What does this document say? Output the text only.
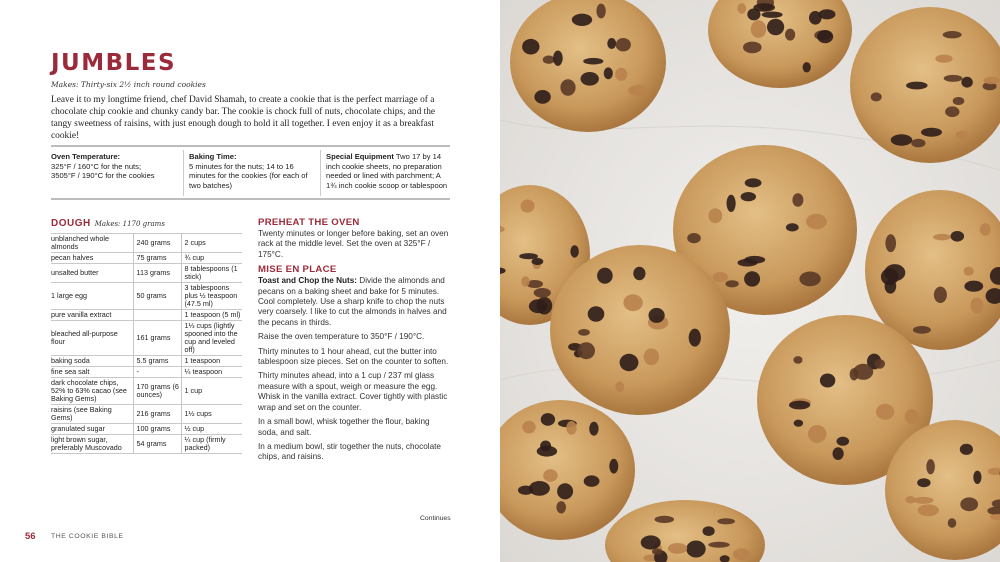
JUMBLES
Makes: Thirty-six 2½ inch round cookies
Leave it to my longtime friend, chef David Shamah, to create a cookie that is the perfect marriage of a chocolate chip cookie and chunky candy bar. The cookie is chock full of nuts, chocolate chips, and the tangy sweetness of raisins, with just enough dough to hold it all together. I even enjoy it as a breakfast cookie!
Oven Temperature:
325°F / 160°C for the nuts;
3505°F / 190°C for the cookies
Baking Time:
5 minutes for the nuts; 14 to 16 minutes for the cookies (for each of two batches)
Special Equipment Two 17 by 14 inch cookie sheets, no preparation needed or lined with parchment; A 1¾ inch cookie scoop or tablespoon
DOUGH Makes: 1170 grams
unblanched whole almonds	240 grams	2 cups
pecan halves	75 grams	¾ cup
unsalted butter	113 grams	8 tablespoons (1 stick)
1 large egg	50 grams	3 tablespoons plus ½ teaspoon (47.5 ml)
pure vanilla extract		1 teaspoon (5 ml)
bleached all-purpose flour	161 grams	1⅓ cups (lightly spooned into the cup and leveled off)
baking soda	5.5 grams	1 teaspoon
fine sea salt	-	¼ teaspoon
dark chocolate chips, 52% to 63% cacao (see Baking Gems)	170 grams (6 ounces)	1 cup
raisins (see Baking Gems)	216 grams	1½ cups
granulated sugar	100 grams	½ cup
light brown sugar, preferably Muscovado	54 grams	¼ cup (firmly packed)
PREHEAT THE OVEN
Twenty minutes or longer before baking, set an oven rack at the middle level. Set the oven at 325°F / 175°C.
MISE EN PLACE
Toast and Chop the Nuts: Divide the almonds and pecans on a baking sheet and bake for 5 minutes. Cool completely. Use a sharp knife to chop the nuts very coarsely. I like to cut the almonds in halves and the pecans in thirds.
Raise the oven temperature to 350°F / 190°C.
Thirty minutes to 1 hour ahead, cut the butter into tablespoon size pieces. Set on the counter to soften.
Thirty minutes ahead, into a 1 cup / 237 ml glass measure with a spout, weigh or measure the egg. Whisk in the vanilla extract. Cover tightly with plastic wrap and set on the counter.
In a small bowl, whisk together the flour, baking soda, and salt.
In a medium bowl, stir together the nuts, chocolate chips, and raisins.
Continues
56 THE COOKIE BIBLE
